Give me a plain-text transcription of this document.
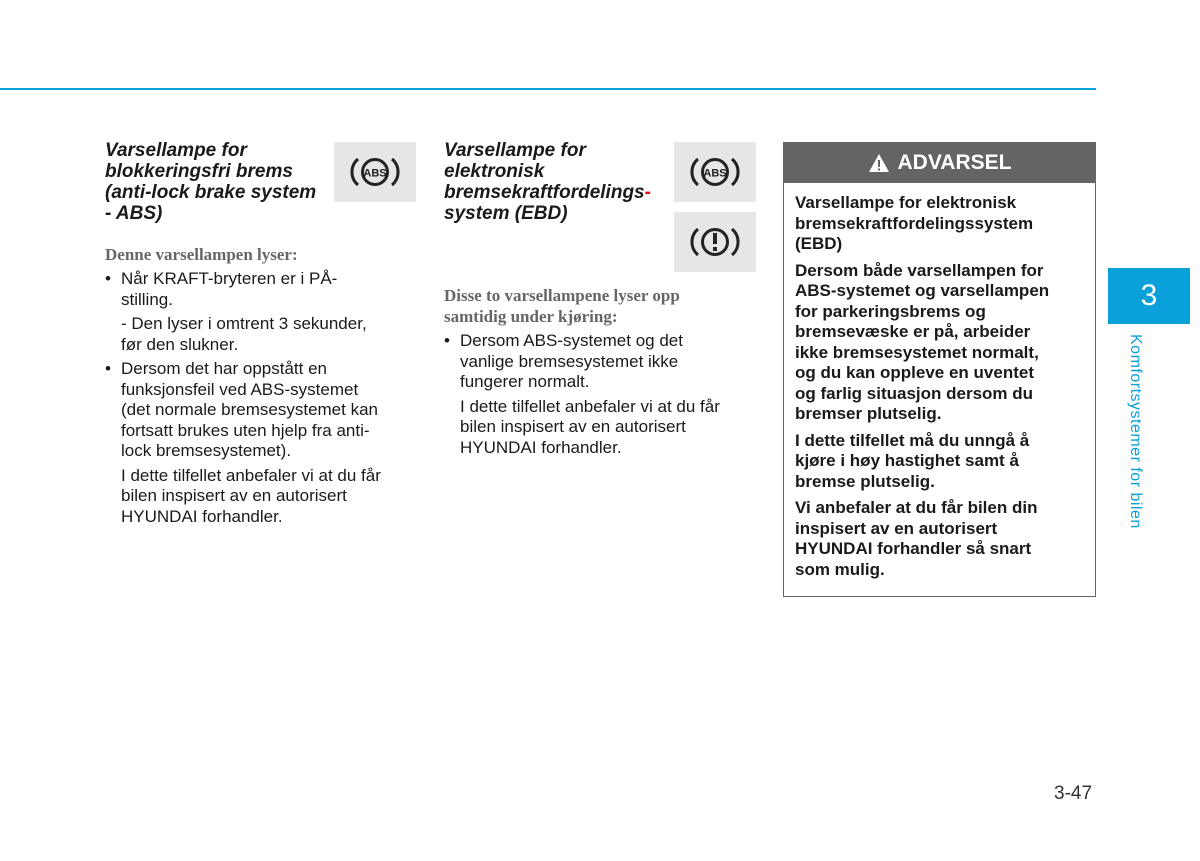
Varsellampe for
blokkeringsfri brems
(anti-lock brake system
- ABS)
Denne varsellampen lyser:
• Når KRAFT-bryteren er i PÅ-
stilling.
- Den lyser i omtrent 3 sekunder,
før den slukner.
• Dersom det har oppstått en
funksjonsfeil ved ABS-systemet
(det normale bremsesystemet kan
fortsatt brukes uten hjelp fra anti-
lock bremsesystemet).
I dette tilfellet anbefaler vi at du får
bilen inspisert av en autorisert
HYUNDAI forhandler.
ABS
Varsellampe for
elektronisk
bremsekraftfordelings-
system (EBD)
Disse to varsellampene lyser opp
samtidig under kjøring:
• Dersom ABS-systemet og det
vanlige bremsesystemet ikke
fungerer normalt.
I dette tilfellet anbefaler vi at du får
bilen inspisert av en autorisert
HYUNDAI forhandler.
ABS	ADVARSEL

Varsellampe for elektronisk
bremsekraftfordelingssystem
(EBD)

Dersom både varsellampen for
ABS-systemet og varsellampen
for parkeringsbrems og
bremsevæske er på, arbeider
ikke bremsesystemet normalt,
og du kan oppleve en uventet
og farlig situasjon dersom du
bremser plutselig.

I dette tilfellet må du unngå å
kjøre i høy hastighet samt å
bremse plutselig.

Vi anbefaler at du får bilen din
inspisert av en autorisert
HYUNDAI forhandler så snart
som mulig.

3
Komfortsystemer for bilen
3-47
